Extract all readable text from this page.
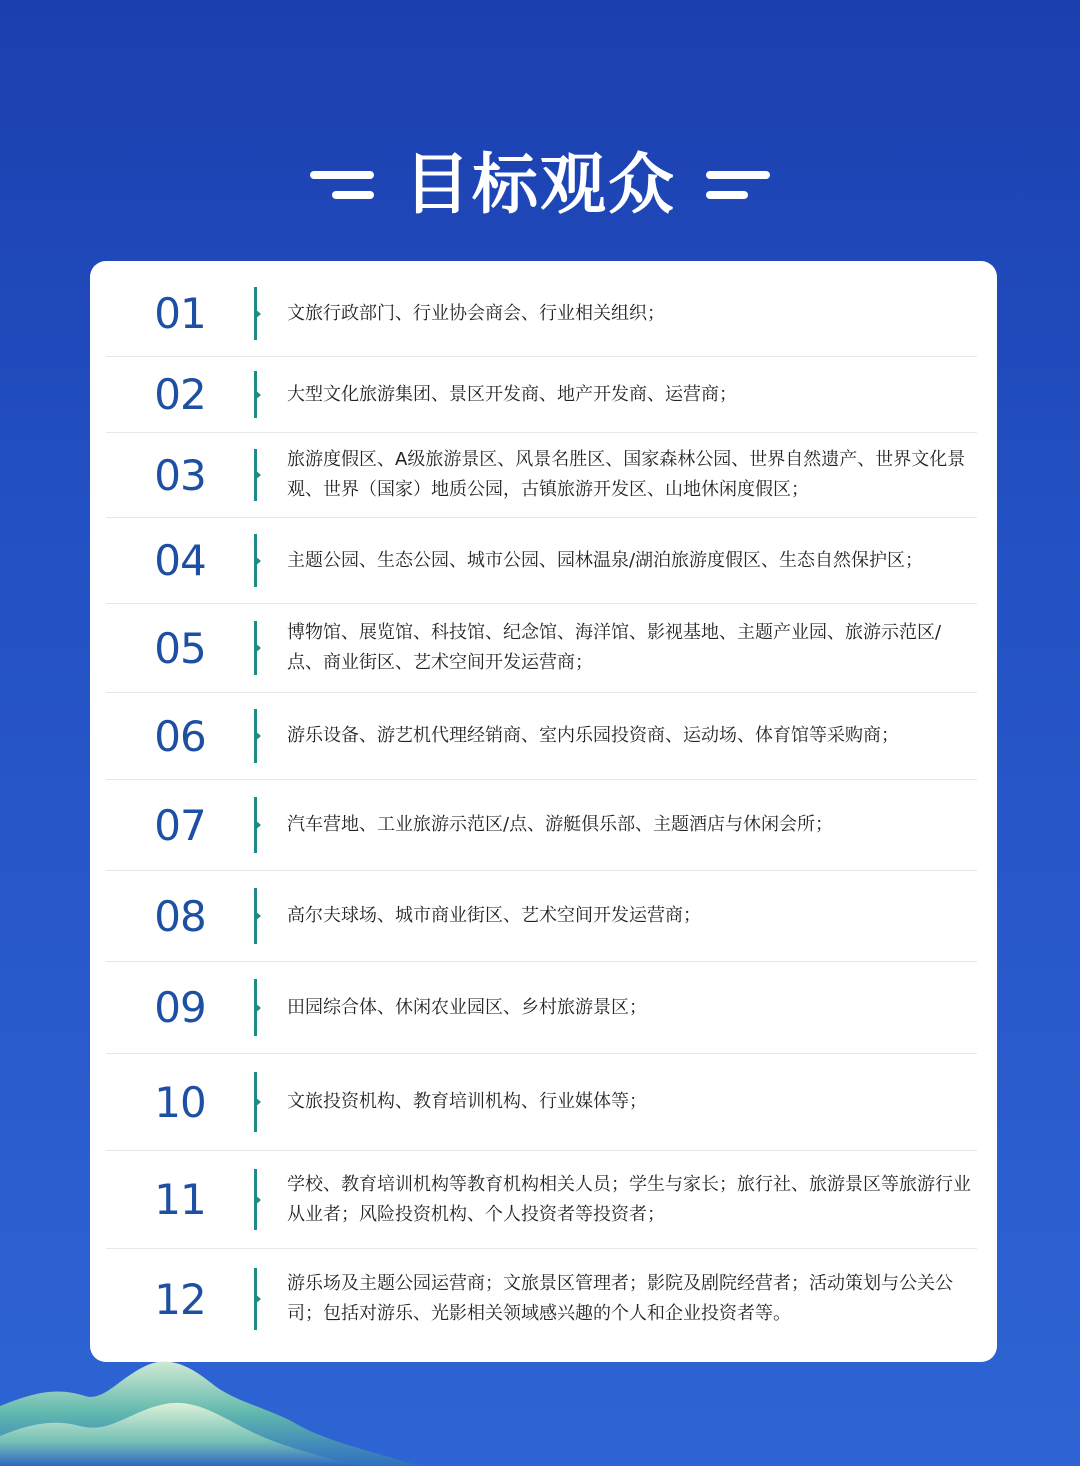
目标观众
01	文旅行政部门、行业协会商会、行业相关组织；
02	大型文化旅游集团、景区开发商、地产开发商、运营商；
03	旅游度假区、A级旅游景区、风景名胜区、国家森林公园、世界自然遗产、世界文化景观、世界（国家）地质公园，古镇旅游开发区、山地休闲度假区；
04	主题公园、生态公园、城市公园、园林温泉/湖泊旅游度假区、生态自然保护区；
05	博物馆、展览馆、科技馆、纪念馆、海洋馆、影视基地、主题产业园、旅游示范区/点、商业街区、艺术空间开发运营商；
06	游乐设备、游艺机代理经销商、室内乐园投资商、运动场、体育馆等采购商；
07	汽车营地、工业旅游示范区/点、游艇俱乐部、主题酒店与休闲会所；
08	高尔夫球场、城市商业街区、艺术空间开发运营商；
09	田园综合体、休闲农业园区、乡村旅游景区；
10	文旅投资机构、教育培训机构、行业媒体等；
11	学校、教育培训机构等教育机构相关人员；学生与家长；旅行社、旅游景区等旅游行业从业者；风险投资机构、个人投资者等投资者；
12	游乐场及主题公园运营商；文旅景区管理者；影院及剧院经营者；活动策划与公关公司；包括对游乐、光影相关领域感兴趣的个人和企业投资者等。
